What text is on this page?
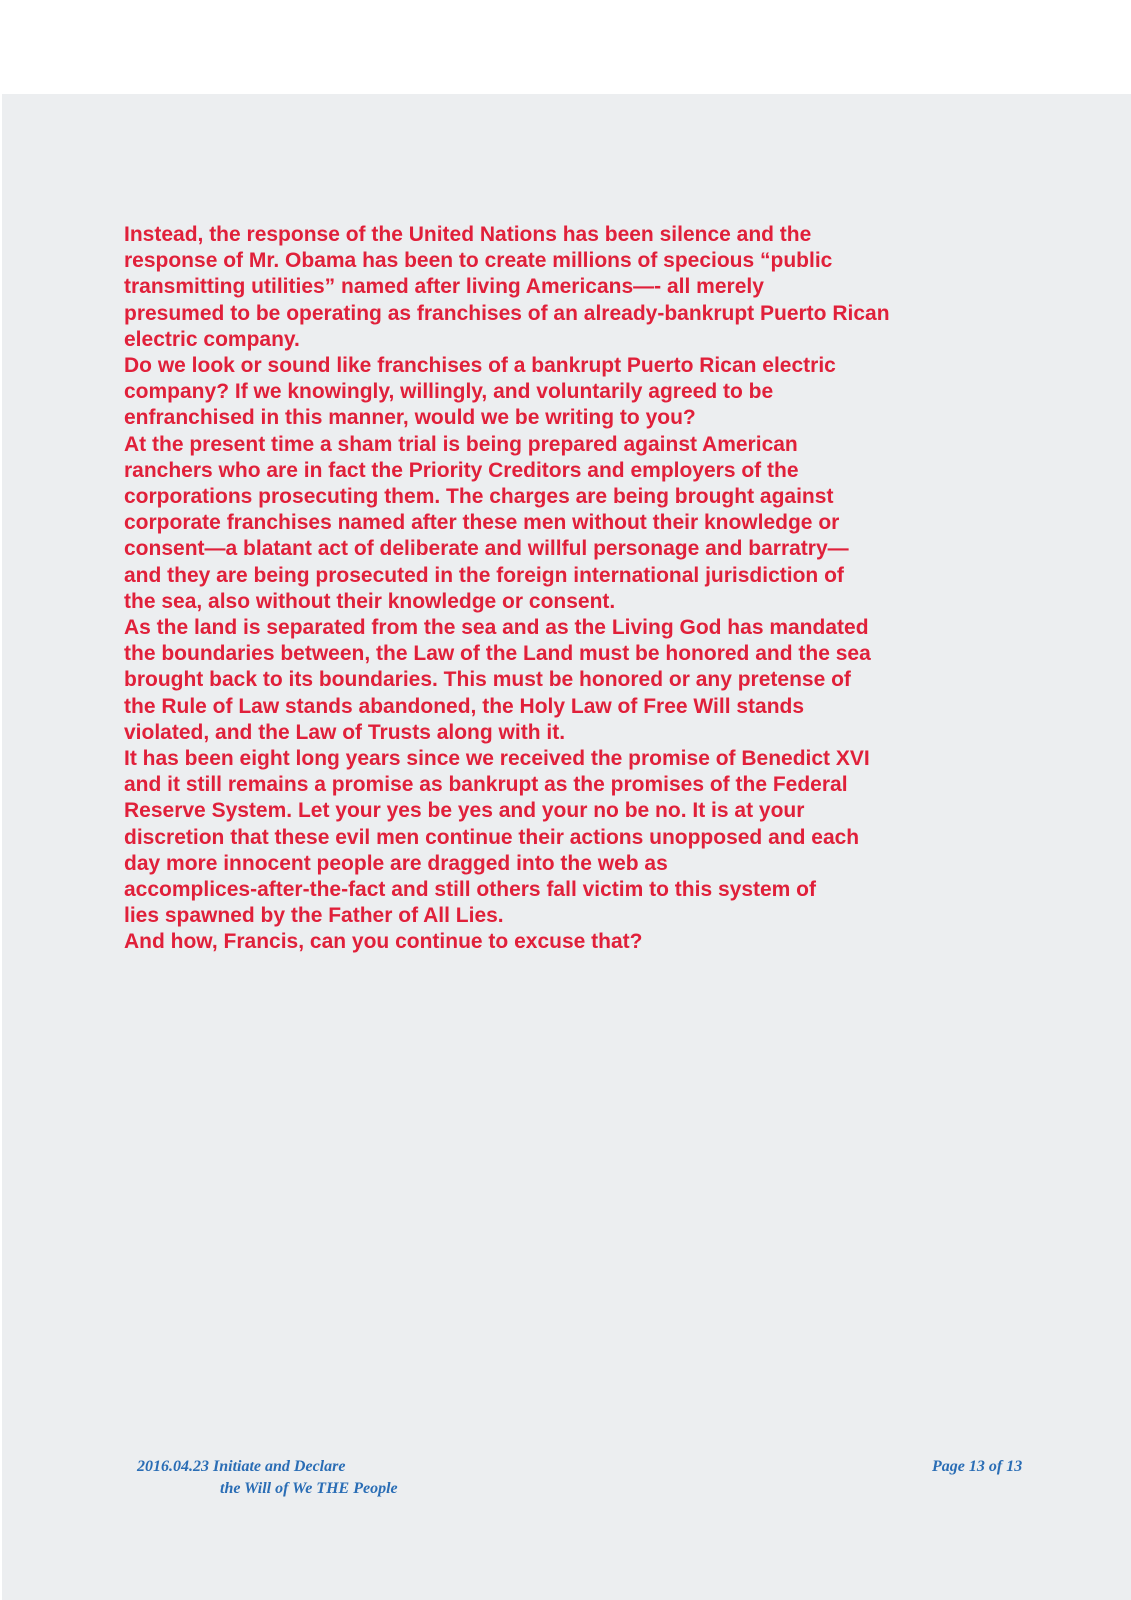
Instead, the response of the United Nations has been silence and the
response of Mr. Obama has been to create millions of specious “public
transmitting utilities” named after living Americans—- all merely
presumed to be operating as franchises of an already-bankrupt Puerto Rican
electric company.
Do we look or sound like franchises of a bankrupt Puerto Rican electric
company? If we knowingly, willingly, and voluntarily agreed to be
enfranchised in this manner, would we be writing to you?
At the present time a sham trial is being prepared against American
ranchers who are in fact the Priority Creditors and employers of the
corporations prosecuting them. The charges are being brought against
corporate franchises named after these men without their knowledge or
consent—a blatant act of deliberate and willful personage and barratry—
and they are being prosecuted in the foreign international jurisdiction of
the sea, also without their knowledge or consent.
As the land is separated from the sea and as the Living God has mandated
the boundaries between, the Law of the Land must be honored and the sea
brought back to its boundaries. This must be honored or any pretense of
the Rule of Law stands abandoned, the Holy Law of Free Will stands
violated, and the Law of Trusts along with it.
It has been eight long years since we received the promise of Benedict XVI
and it still remains a promise as bankrupt as the promises of the Federal
Reserve System. Let your yes be yes and your no be no. It is at your
discretion that these evil men continue their actions unopposed and each
day more innocent people are dragged into the web as
accomplices-after-the-fact and still others fall victim to this system of
lies spawned by the Father of All Lies.
And how, Francis, can you continue to excuse that?
2016.04.23 Initiate and Declare
the Will of We THE People
Page 13 of 13
